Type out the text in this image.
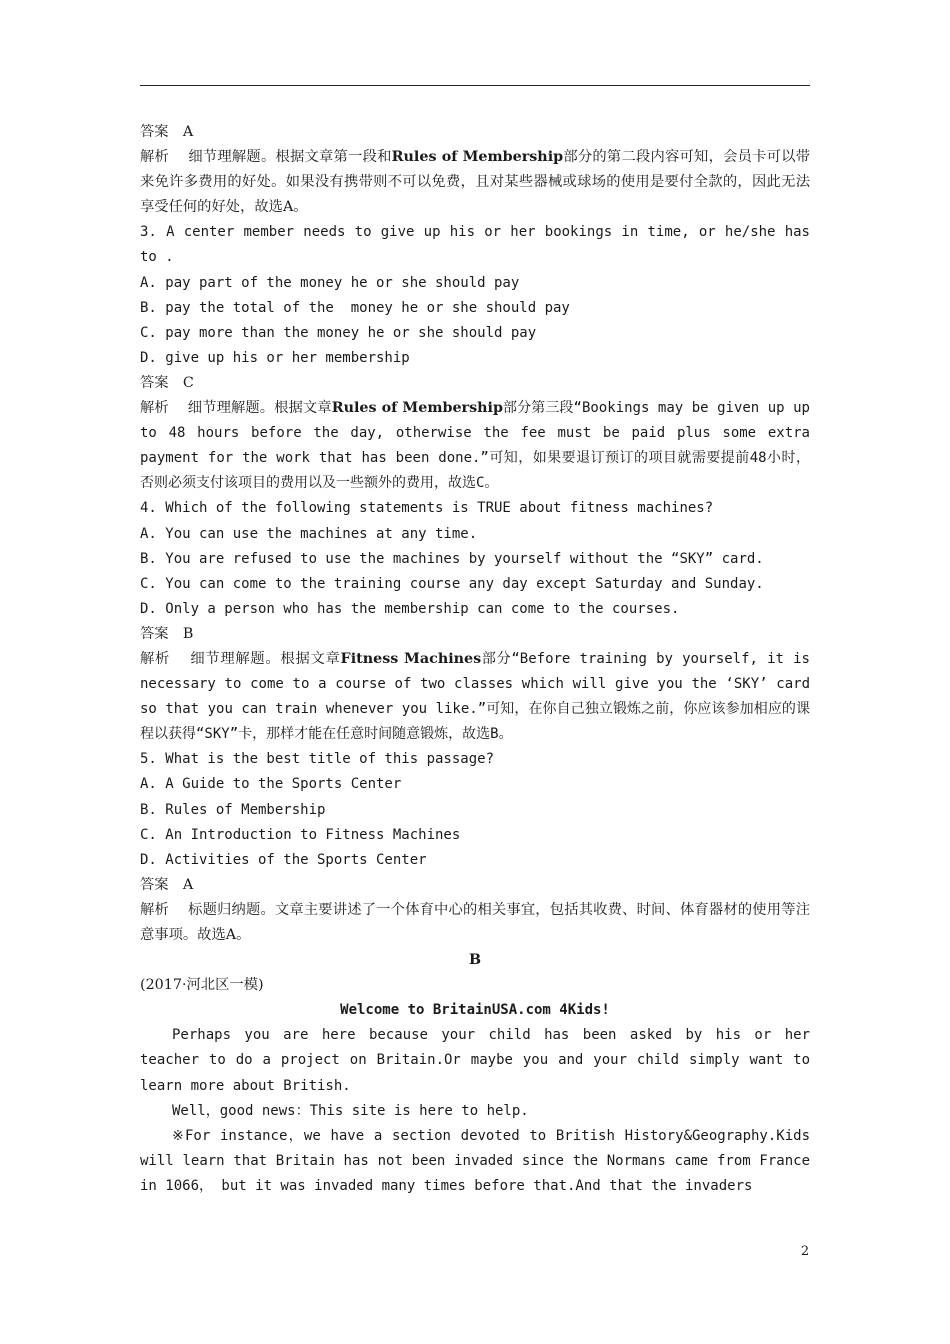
答案　A
解析　 细节理解题。根据文章第一段和Rules of Membership部分的第二段内容可知，会员卡可以带来免许多费用的好处。如果没有携带则不可以免费，且对某些器械或球场的使用是要付全款的，因此无法享受任何的好处，故选A。
3. A center member needs to give up his or her bookings in time, or he/she has to .
A. pay part of the money he or she should pay
B. pay the total of the  money he or she should pay
C. pay more than the money he or she should pay
D. give up his or her membership
答案　C
解析　 细节理解题。根据文章Rules of Membership部分第三段“Bookings may be given up up to 48 hours before the day, otherwise the fee must be paid plus some extra payment for the work that has been done.”可知，如果要退订预订的项目就需要提前48小时，否则必须支付该项目的费用以及一些额外的费用，故选C。
4. Which of the following statements is TRUE about fitness machines?
A. You can use the machines at any time.
B. You are refused to use the machines by yourself without the “SKY” card.
C. You can come to the training course any day except Saturday and Sunday.
D. Only a person who has the membership can come to the courses.
答案　B
解析　 细节理解题。根据文章Fitness Machines部分“Before training by yourself, it is necessary to come to a course of two classes which will give you the ‘SKY’ card so that you can train whenever you like.”可知，在你自己独立锻炼之前，你应该参加相应的课程以获得“SKY”卡，那样才能在任意时间随意锻炼，故选B。
5. What is the best title of this passage?
A. A Guide to the Sports Center
B. Rules of Membership
C. An Introduction to Fitness Machines
D. Activities of the Sports Center
答案　A
解析　 标题归纳题。文章主要讲述了一个体育中心的相关事宜，包括其收费、时间、体育器材的使用等注意事项。故选A。
B
(2017·河北区一模)
Welcome to BritainUSA.com 4Kids!
Perhaps you are here because your child has been asked by his or her teacher to do a project on Britain.Or maybe you and your child simply want to learn more about British.
Well，good news：This site is here to help.
※For instance，we have a section devoted to British History&Geography.Kids will learn that Britain has not been invaded since the Normans came from France in 1066， but it was invaded many times before that.And that the invaders
2
